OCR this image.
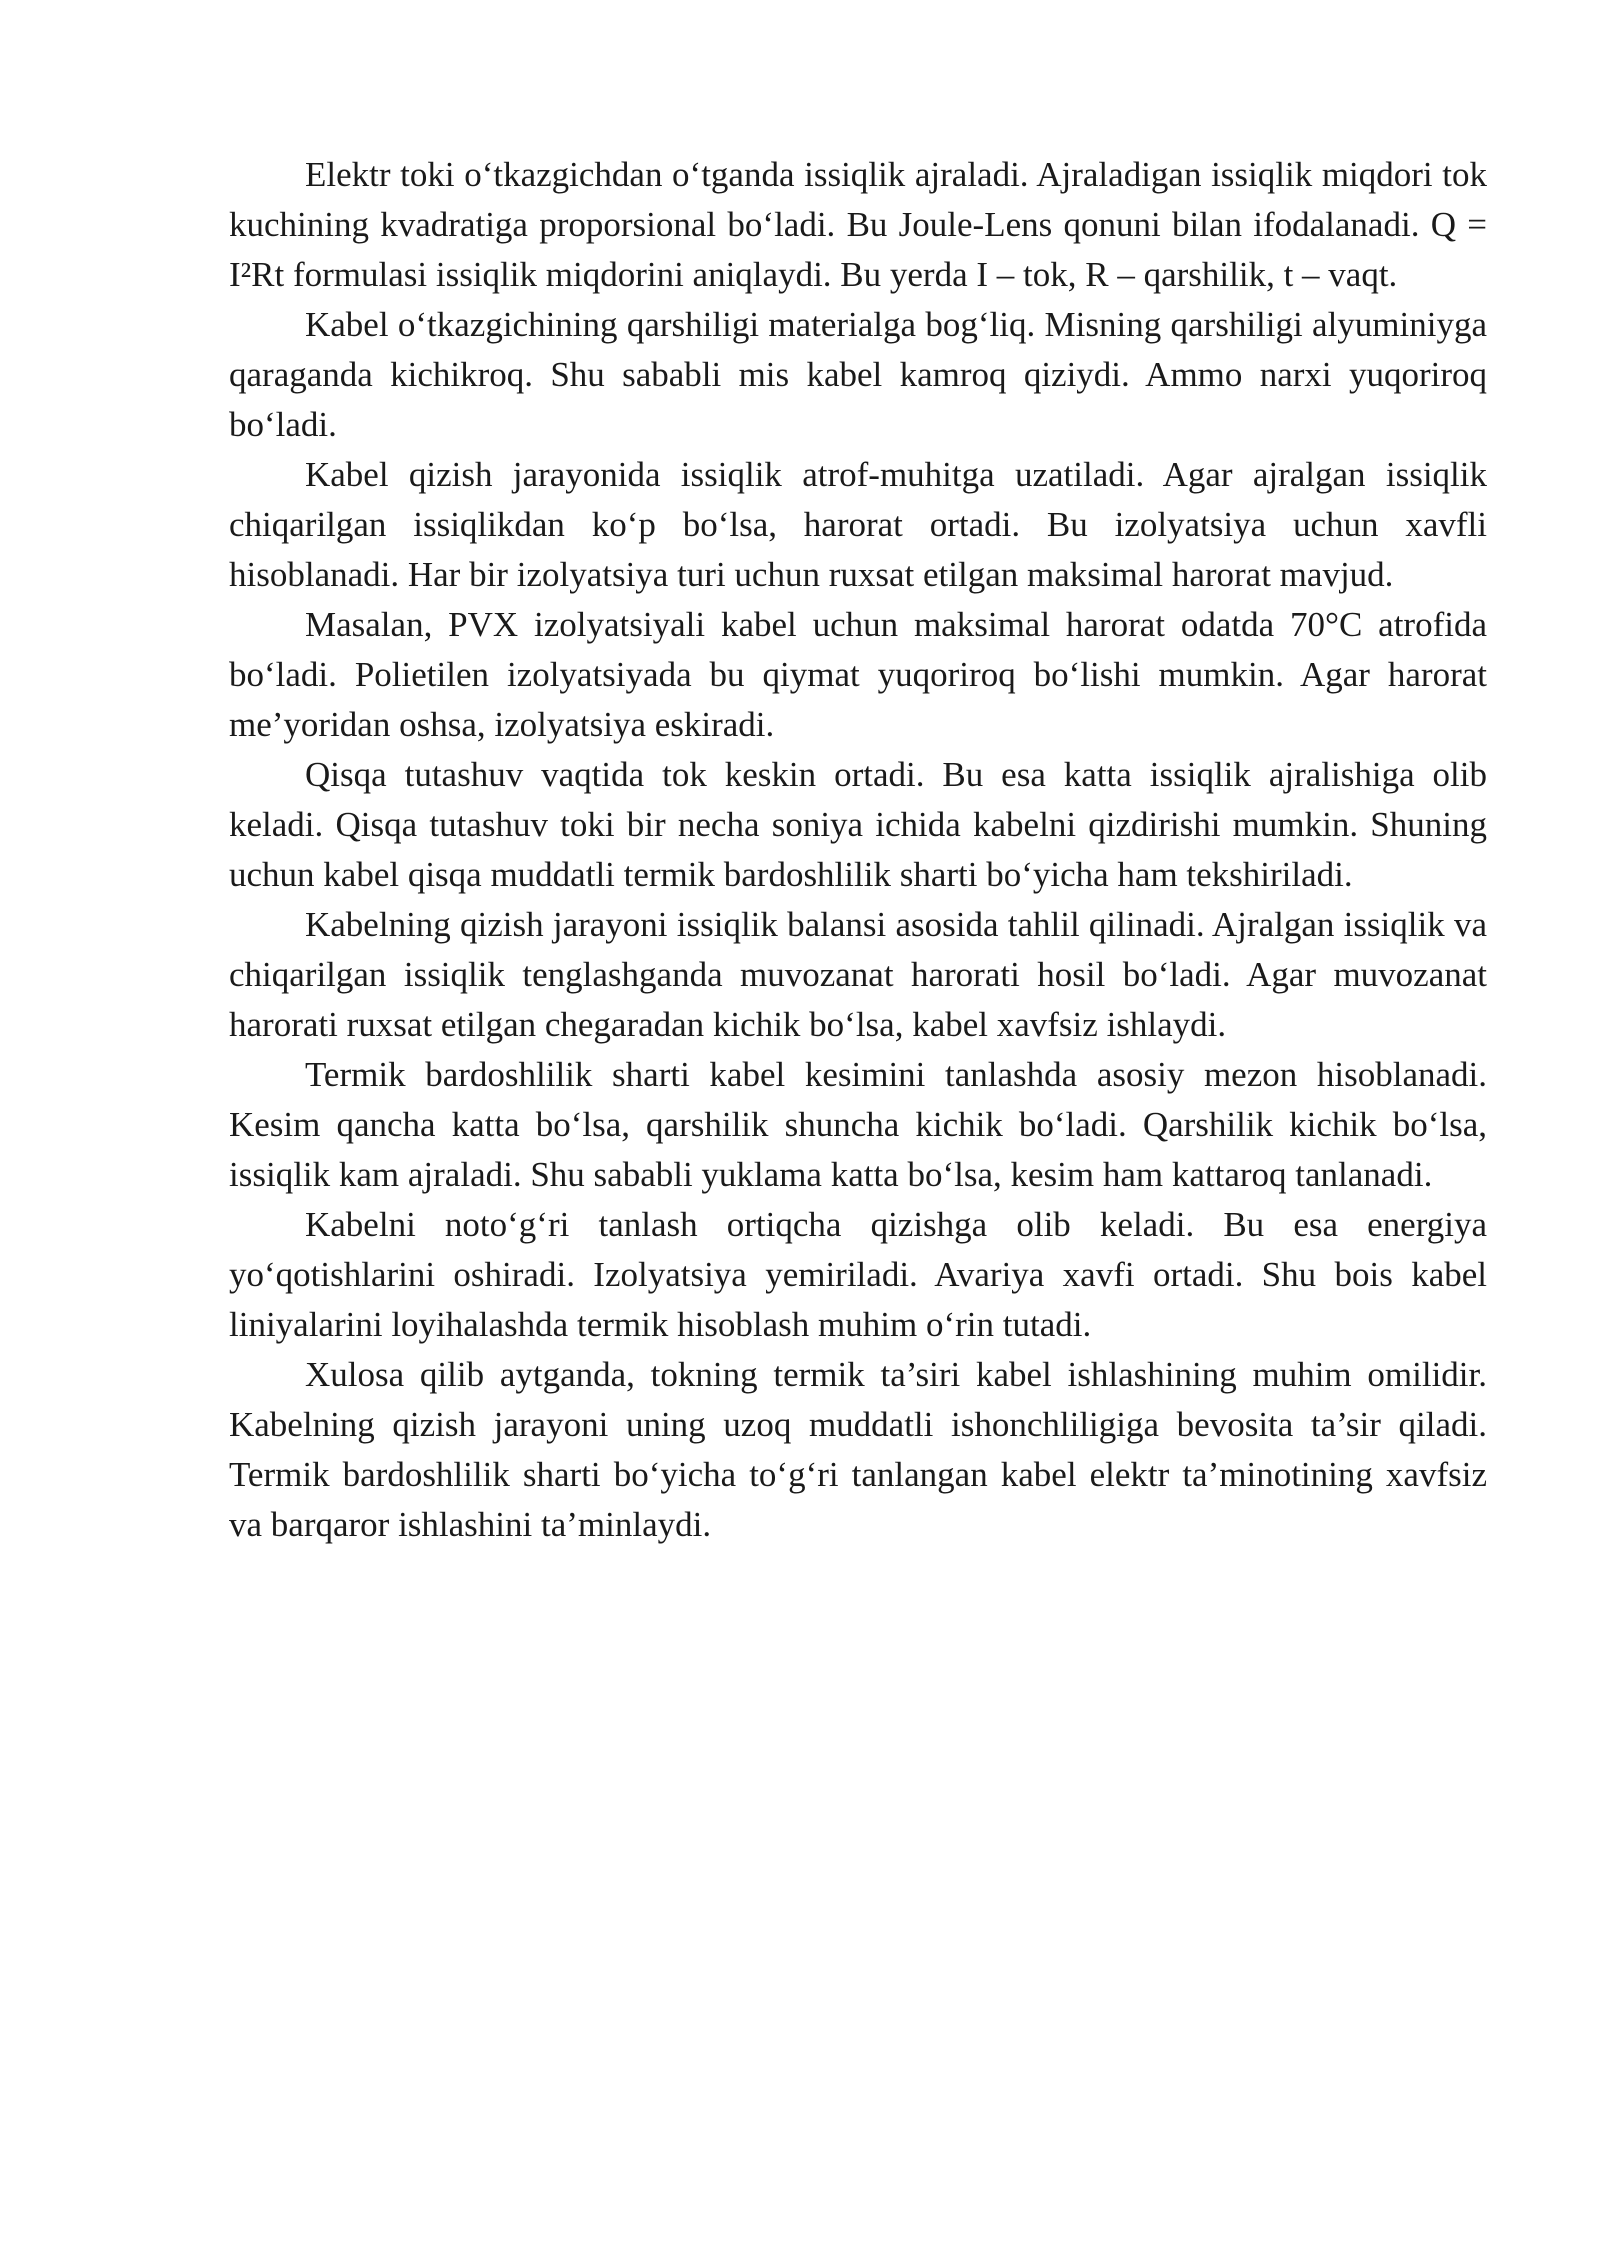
Elektr toki o‘tkazgichdan o‘tganda issiqlik ajraladi. Ajraladigan issiqlik miqdori tok kuchining kvadratiga proporsional bo‘ladi. Bu Joule-Lens qonuni bilan ifodalanadi. Q = I²Rt formulasi issiqlik miqdorini aniqlaydi. Bu yerda I – tok, R – qarshilik, t – vaqt.

Kabel o‘tkazgichining qarshiligi materialga bog‘liq. Misning qarshiligi alyuminiyga qaraganda kichikroq. Shu sababli mis kabel kamroq qiziydi. Ammo narxi yuqoriroq bo‘ladi.

Kabel qizish jarayonida issiqlik atrof-muhitga uzatiladi. Agar ajralgan issiqlik chiqarilgan issiqlikdan ko‘p bo‘lsa, harorat ortadi. Bu izolyatsiya uchun xavfli hisoblanadi. Har bir izolyatsiya turi uchun ruxsat etilgan maksimal harorat mavjud.

Masalan, PVX izolyatsiyali kabel uchun maksimal harorat odatda 70°C atrofida bo‘ladi. Polietilen izolyatsiyada bu qiymat yuqoriroq bo‘lishi mumkin. Agar harorat me’yoridan oshsa, izolyatsiya eskiradi.

Qisqa tutashuv vaqtida tok keskin ortadi. Bu esa katta issiqlik ajralishiga olib keladi. Qisqa tutashuv toki bir necha soniya ichida kabelni qizdirishi mumkin. Shuning uchun kabel qisqa muddatli termik bardoshlilik sharti bo‘yicha ham tekshiriladi.

Kabelning qizish jarayoni issiqlik balansi asosida tahlil qilinadi. Ajralgan issiqlik va chiqarilgan issiqlik tenglashganda muvozanat harorati hosil bo‘ladi. Agar muvozanat harorati ruxsat etilgan chegaradan kichik bo‘lsa, kabel xavfsiz ishlaydi.

Termik bardoshlilik sharti kabel kesimini tanlashda asosiy mezon hisoblanadi. Kesim qancha katta bo‘lsa, qarshilik shuncha kichik bo‘ladi. Qarshilik kichik bo‘lsa, issiqlik kam ajraladi. Shu sababli yuklama katta bo‘lsa, kesim ham kattaroq tanlanadi.

Kabelni noto‘g‘ri tanlash ortiqcha qizishga olib keladi. Bu esa energiya yo‘qotishlarini oshiradi. Izolyatsiya yemiriladi. Avariya xavfi ortadi. Shu bois kabel liniyalarini loyihalashda termik hisoblash muhim o‘rin tutadi.

Xulosa qilib aytganda, tokning termik ta’siri kabel ishlashining muhim omilidir. Kabelning qizish jarayoni uning uzoq muddatli ishonchliligiga bevosita ta’sir qiladi. Termik bardoshlilik sharti bo‘yicha to‘g‘ri tanlangan kabel elektr ta’minotining xavfsiz va barqaror ishlashini ta’minlaydi.
